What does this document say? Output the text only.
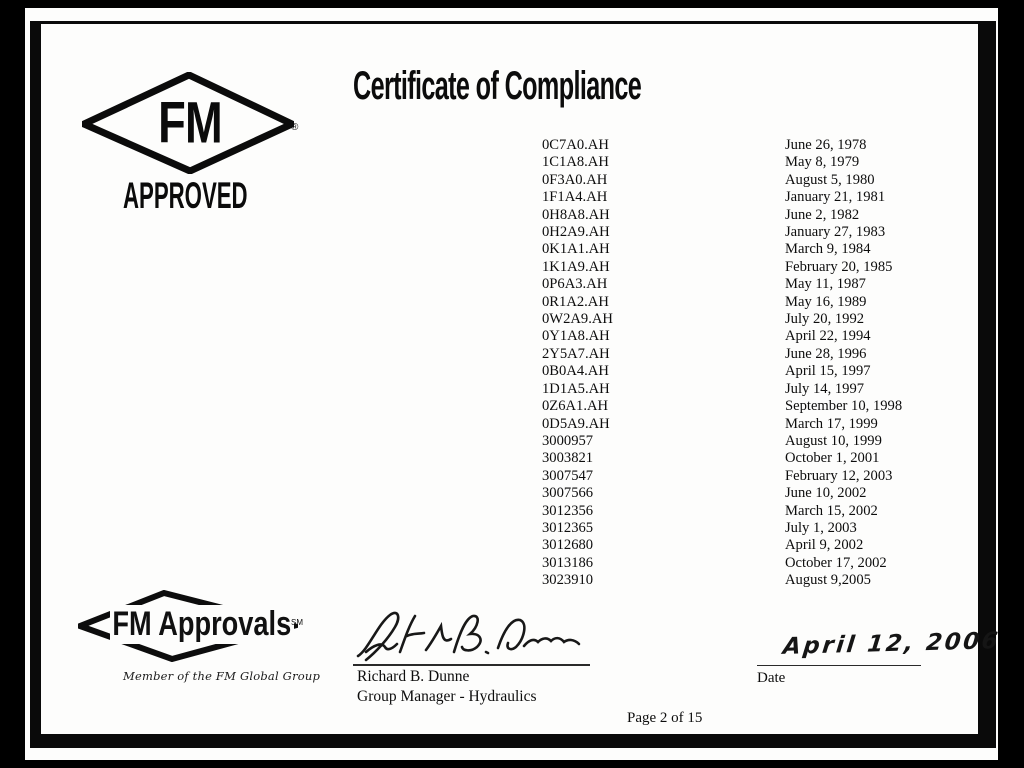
FM	®
APPROVED
Certificate of Compliance
0C7A0.AH
1C1A8.AH
0F3A0.AH
1F1A4.AH
0H8A8.AH
0H2A9.AH
0K1A1.AH
1K1A9.AH
0P6A3.AH
0R1A2.AH
0W2A9.AH
0Y1A8.AH
2Y5A7.AH
0B0A4.AH
1D1A5.AH
0Z6A1.AH
0D5A9.AH
3000957
3003821
3007547
3007566
3012356
3012365
3012680
3013186
3023910
June 26, 1978
May 8, 1979
August 5, 1980
January 21, 1981
June 2, 1982
January 27, 1983
March 9, 1984
February 20, 1985
May 11, 1987
May 16, 1989
July 20, 1992
April 22, 1994
June 28, 1996
April 15, 1997
July 14, 1997
September 10, 1998
March 17, 1999
August 10, 1999
October 1, 2001
February 12, 2003
June 10, 2002
March 15, 2002
July 1, 2003
April 9, 2002
October 17, 2002
August 9,2005
FM Approvals SM
Member of the FM Global Group Richard B. Dunne
Group Manager - Hydraulics
April 12, 2006
Date
Page 2 of 15
